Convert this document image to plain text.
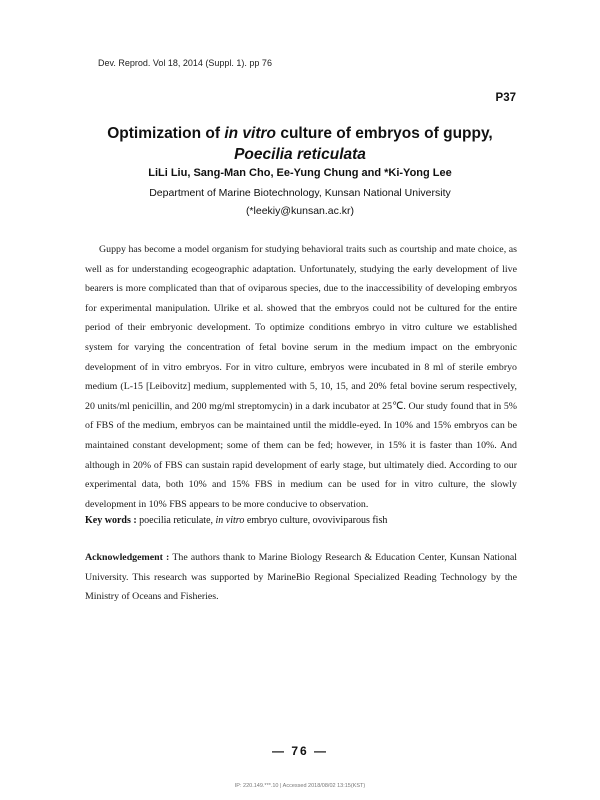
Dev. Reprod. Vol 18, 2014 (Suppl. 1). pp 76
P37
Optimization of in vitro culture of embryos of guppy,
Poecilia reticulata
LiLi Liu, Sang-Man Cho, Ee-Yung Chung and *Ki-Yong Lee
Department of Marine Biotechnology, Kunsan National University
(*leekiy@kunsan.ac.kr)
Guppy has become a model organism for studying behavioral traits such as courtship and mate choice, as well as for understanding ecogeographic adaptation. Unfortunately, studying the early development of live bearers is more complicated than that of oviparous species, due to the inaccessibility of developing embryos for experimental manipulation. Ulrike et al. showed that the embryos could not be cultured for the entire period of their embryonic development. To optimize conditions embryo in vitro culture we established system for varying the concentration of fetal bovine serum in the medium impact on the embryonic development of in vitro embryos. For in vitro culture, embryos were incubated in 8 ml of sterile embryo medium (L-15 [Leibovitz] medium, supplemented with 5, 10, 15, and 20% fetal bovine serum respectively, 20 units/ml penicillin, and 200 mg/ml streptomycin) in a dark incubator at 25℃. Our study found that in 5% of FBS of the medium, embryos can be maintained until the middle-eyed. In 10% and 15% embryos can be maintained constant development; some of them can be fed; however, in 15% it is faster than 10%. And although in 20% of FBS can sustain rapid development of early stage, but ultimately died. According to our experimental data, both 10% and 15% FBS in medium can be used for in vitro culture, the slowly development in 10% FBS appears to be more conducive to observation.
Key words : poecilia reticulate, in vitro embryo culture, ovoviviparous fish
Acknowledgement : The authors thank to Marine Biology Research & Education Center, Kunsan National University. This research was supported by MarineBio Regional Specialized Reading Technology by the Ministry of Oceans and Fisheries.
— 76 —
IP: 220.149.***.10 | Accessed 2018/08/02 13:15(KST)
